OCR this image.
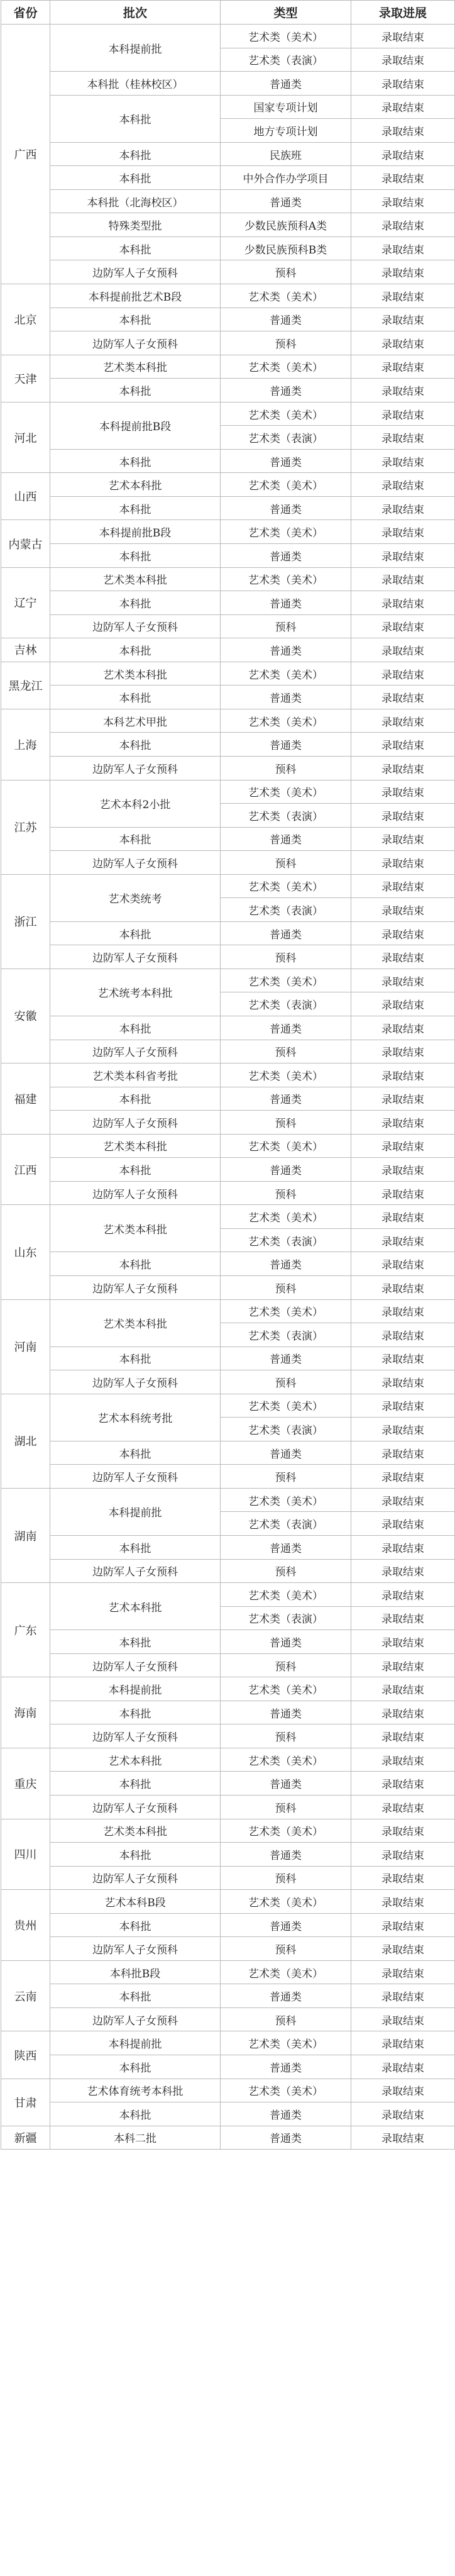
省份	批次	类型	录取进展
广西	本科提前批	艺术类（美术）	录取结束
		艺术类（表演）	录取结束
	本科批（桂林校区）	普通类	录取结束
	本科批	国家专项计划	录取结束
		地方专项计划	录取结束
	本科批	民族班	录取结束
	本科批	中外合作办学项目	录取结束
	本科批（北海校区）	普通类	录取结束
	特殊类型批	少数民族预科A类	录取结束
	本科批	少数民族预科B类	录取结束
	边防军人子女预科	预科	录取结束
北京	本科提前批艺术B段	艺术类（美术）	录取结束
	本科批	普通类	录取结束
	边防军人子女预科	预科	录取结束
天津	艺术类本科批	艺术类（美术）	录取结束
	本科批	普通类	录取结束
河北	本科提前批B段	艺术类（美术）	录取结束
		艺术类（表演）	录取结束
	本科批	普通类	录取结束
山西	艺术本科批	艺术类（美术）	录取结束
	本科批	普通类	录取结束
内蒙古	本科提前批B段	艺术类（美术）	录取结束
	本科批	普通类	录取结束
辽宁	艺术类本科批	艺术类（美术）	录取结束
	本科批	普通类	录取结束
	边防军人子女预科	预科	录取结束
吉林	本科批	普通类	录取结束
黑龙江	艺术类本科批	艺术类（美术）	录取结束
	本科批	普通类	录取结束
上海	本科艺术甲批	艺术类（美术）	录取结束
	本科批	普通类	录取结束
	边防军人子女预科	预科	录取结束
江苏	艺术本科2小批	艺术类（美术）	录取结束
		艺术类（表演）	录取结束
	本科批	普通类	录取结束
	边防军人子女预科	预科	录取结束
浙江	艺术类统考	艺术类（美术）	录取结束
		艺术类（表演）	录取结束
	本科批	普通类	录取结束
	边防军人子女预科	预科	录取结束
安徽	艺术统考本科批	艺术类（美术）	录取结束
		艺术类（表演）	录取结束
	本科批	普通类	录取结束
	边防军人子女预科	预科	录取结束
福建	艺术类本科省考批	艺术类（美术）	录取结束
	本科批	普通类	录取结束
	边防军人子女预科	预科	录取结束
江西	艺术类本科批	艺术类（美术）	录取结束
	本科批	普通类	录取结束
	边防军人子女预科	预科	录取结束
山东	艺术类本科批	艺术类（美术）	录取结束
		艺术类（表演）	录取结束
	本科批	普通类	录取结束
	边防军人子女预科	预科	录取结束
河南	艺术类本科批	艺术类（美术）	录取结束
		艺术类（表演）	录取结束
	本科批	普通类	录取结束
	边防军人子女预科	预科	录取结束
湖北	艺术本科统考批	艺术类（美术）	录取结束
		艺术类（表演）	录取结束
	本科批	普通类	录取结束
	边防军人子女预科	预科	录取结束
湖南	本科提前批	艺术类（美术）	录取结束
		艺术类（表演）	录取结束
	本科批	普通类	录取结束
	边防军人子女预科	预科	录取结束
广东	艺术本科批	艺术类（美术）	录取结束
		艺术类（表演）	录取结束
	本科批	普通类	录取结束
	边防军人子女预科	预科	录取结束
海南	本科提前批	艺术类（美术）	录取结束
	本科批	普通类	录取结束
	边防军人子女预科	预科	录取结束
重庆	艺术本科批	艺术类（美术）	录取结束
	本科批	普通类	录取结束
	边防军人子女预科	预科	录取结束
四川	艺术类本科批	艺术类（美术）	录取结束
	本科批	普通类	录取结束
	边防军人子女预科	预科	录取结束
贵州	艺术本科B段	艺术类（美术）	录取结束
	本科批	普通类	录取结束
	边防军人子女预科	预科	录取结束
云南	本科批B段	艺术类（美术）	录取结束
	本科批	普通类	录取结束
	边防军人子女预科	预科	录取结束
陕西	本科提前批	艺术类（美术）	录取结束
	本科批	普通类	录取结束
甘肃	艺术体育统考本科批	艺术类（美术）	录取结束
	本科批	普通类	录取结束
新疆	本科二批	普通类	录取结束
